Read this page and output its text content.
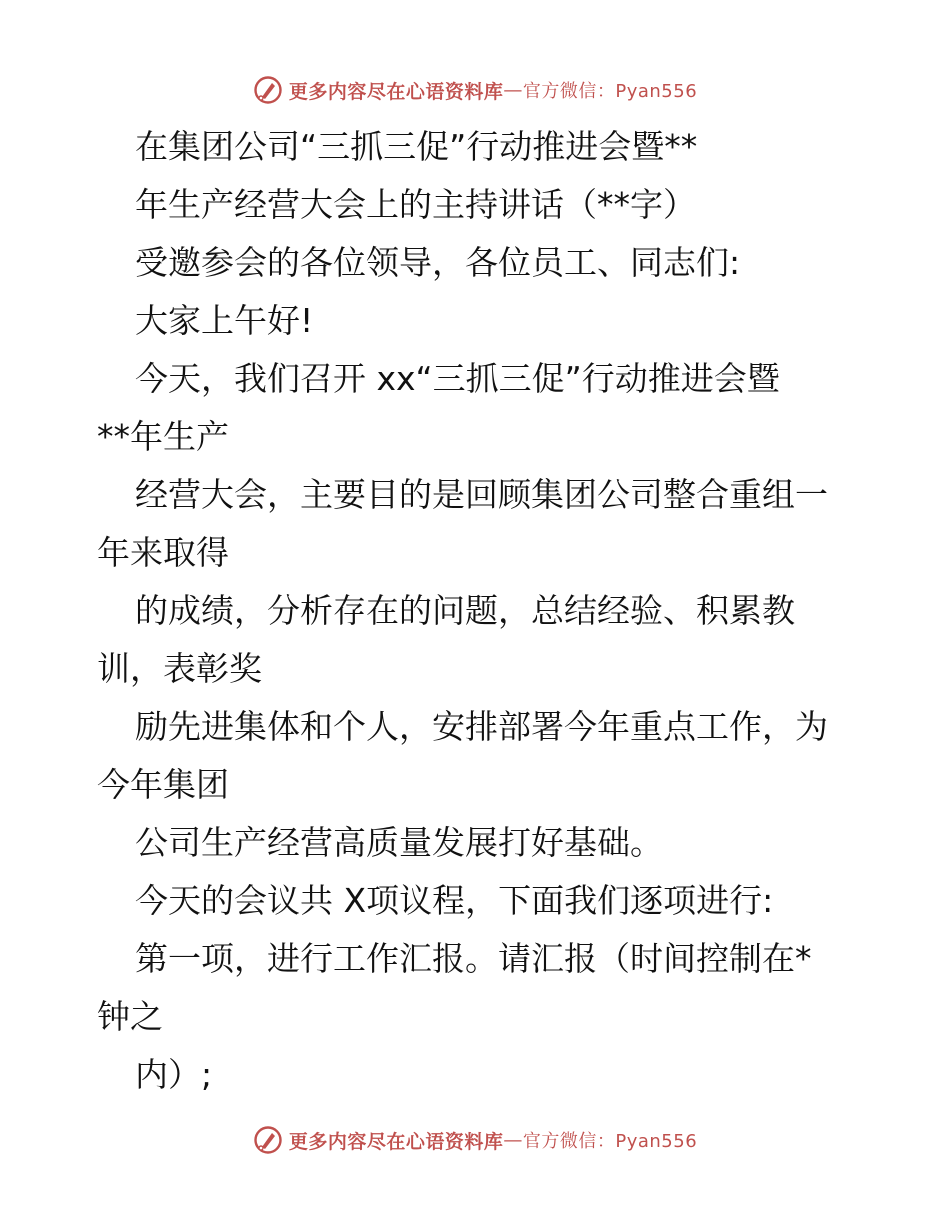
更多内容尽在心语资料库 — 官方微信：Pyan556
在集团公司“三抓三促”行动推进会暨**
年生产经营大会上的主持讲话（**字）
受邀参会的各位领导，各位员工、同志们:
大家上午好!
今天，我们召开 xx“三抓三促”行动推进会暨
**年生产
经营大会，主要目的是回顾集团公司整合重组一
年来取得
的成绩，分析存在的问题，总结经验、积累教
训，表彰奖
励先进集体和个人，安排部署今年重点工作，为
今年集团
公司生产经营高质量发展打好基础。
今天的会议共 X项议程，下面我们逐项进行:
第一项，进行工作汇报。请汇报（时间控制在*
钟之
内）;
更多内容尽在心语资料库 — 官方微信：Pyan556
